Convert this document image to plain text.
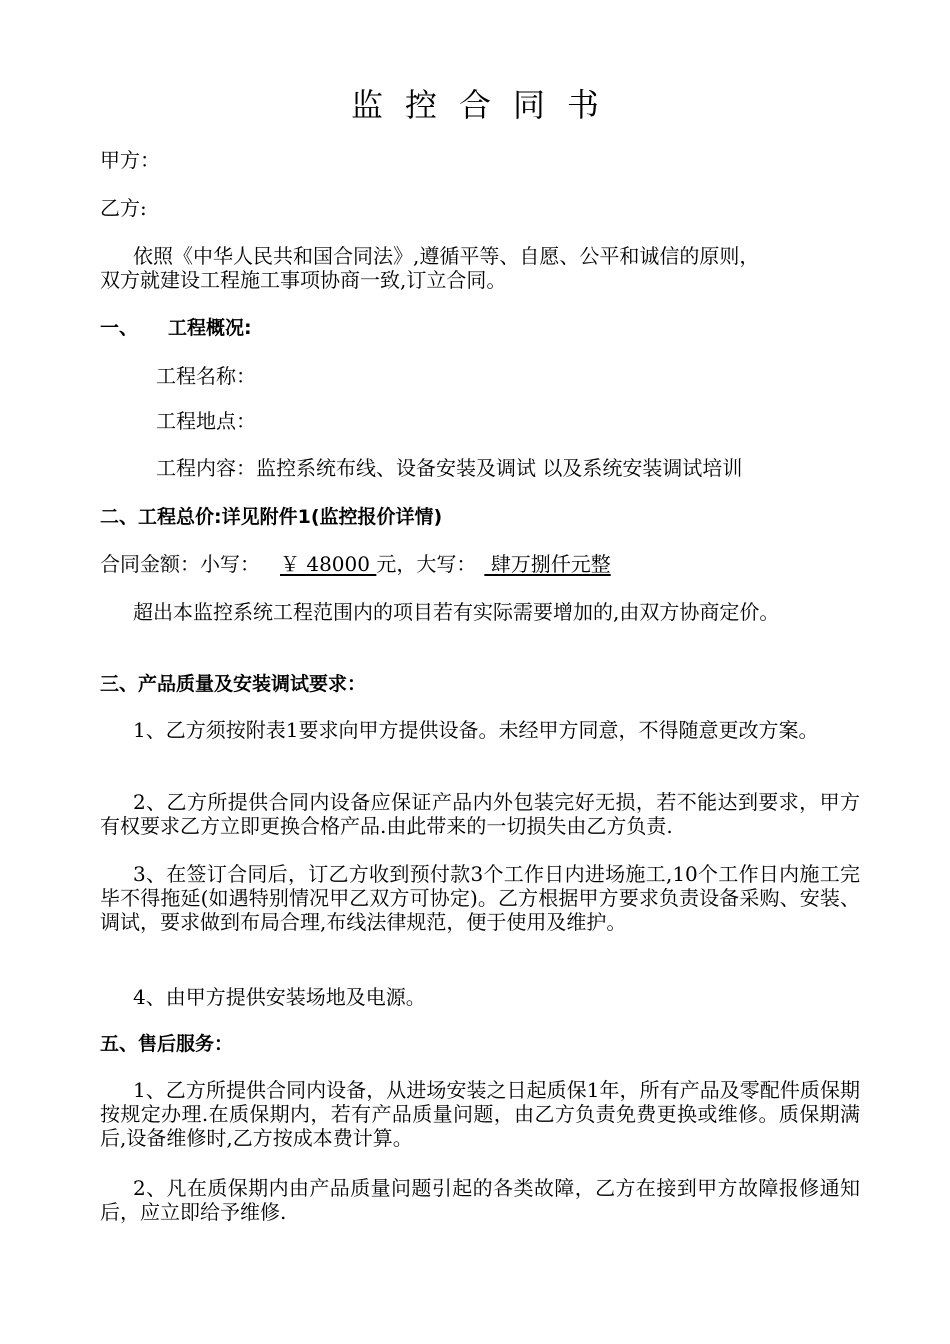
监控合同书
甲方：
乙方:
依照《中华人民共和国合同法》,遵循平等、自愿、公平和诚信的原则，
双方就建设工程施工事项协商一致,订立合同。
一、 工程概况:
工程名称：
工程地点：
工程内容：监控系统布线、设备安装及调试 以及系统安装调试培训
二、工程总价:详见附件1(监控报价详情)
合同金额：小写： ￥ 48000 元，大写： 肆万捌仟元整
超出本监控系统工程范围内的项目若有实际需要增加的,由双方协商定价。
三、产品质量及安装调试要求：
1、乙方须按附表1要求向甲方提供设备。未经甲方同意，不得随意更改方案。
2、乙方所提供合同内设备应保证产品内外包装完好无损，若不能达到要求，甲方有权要求乙方立即更换合格产品.由此带来的一切损失由乙方负责.
3、在签订合同后，订乙方收到预付款3个工作日内进场施工,10个工作日内施工完毕不得拖延(如遇特别情况甲乙双方可协定)。乙方根据甲方要求负责设备采购、安装、调试，要求做到布局合理,布线法律规范，便于使用及维护。
4、由甲方提供安装场地及电源。
五、售后服务：
1、乙方所提供合同内设备，从进场安装之日起质保1年，所有产品及零配件质保期按规定办理.在质保期内，若有产品质量问题，由乙方负责免费更换或维修。质保期满后,设备维修时,乙方按成本费计算。
2、凡在质保期内由产品质量问题引起的各类故障，乙方在接到甲方故障报修通知后，应立即给予维修.
